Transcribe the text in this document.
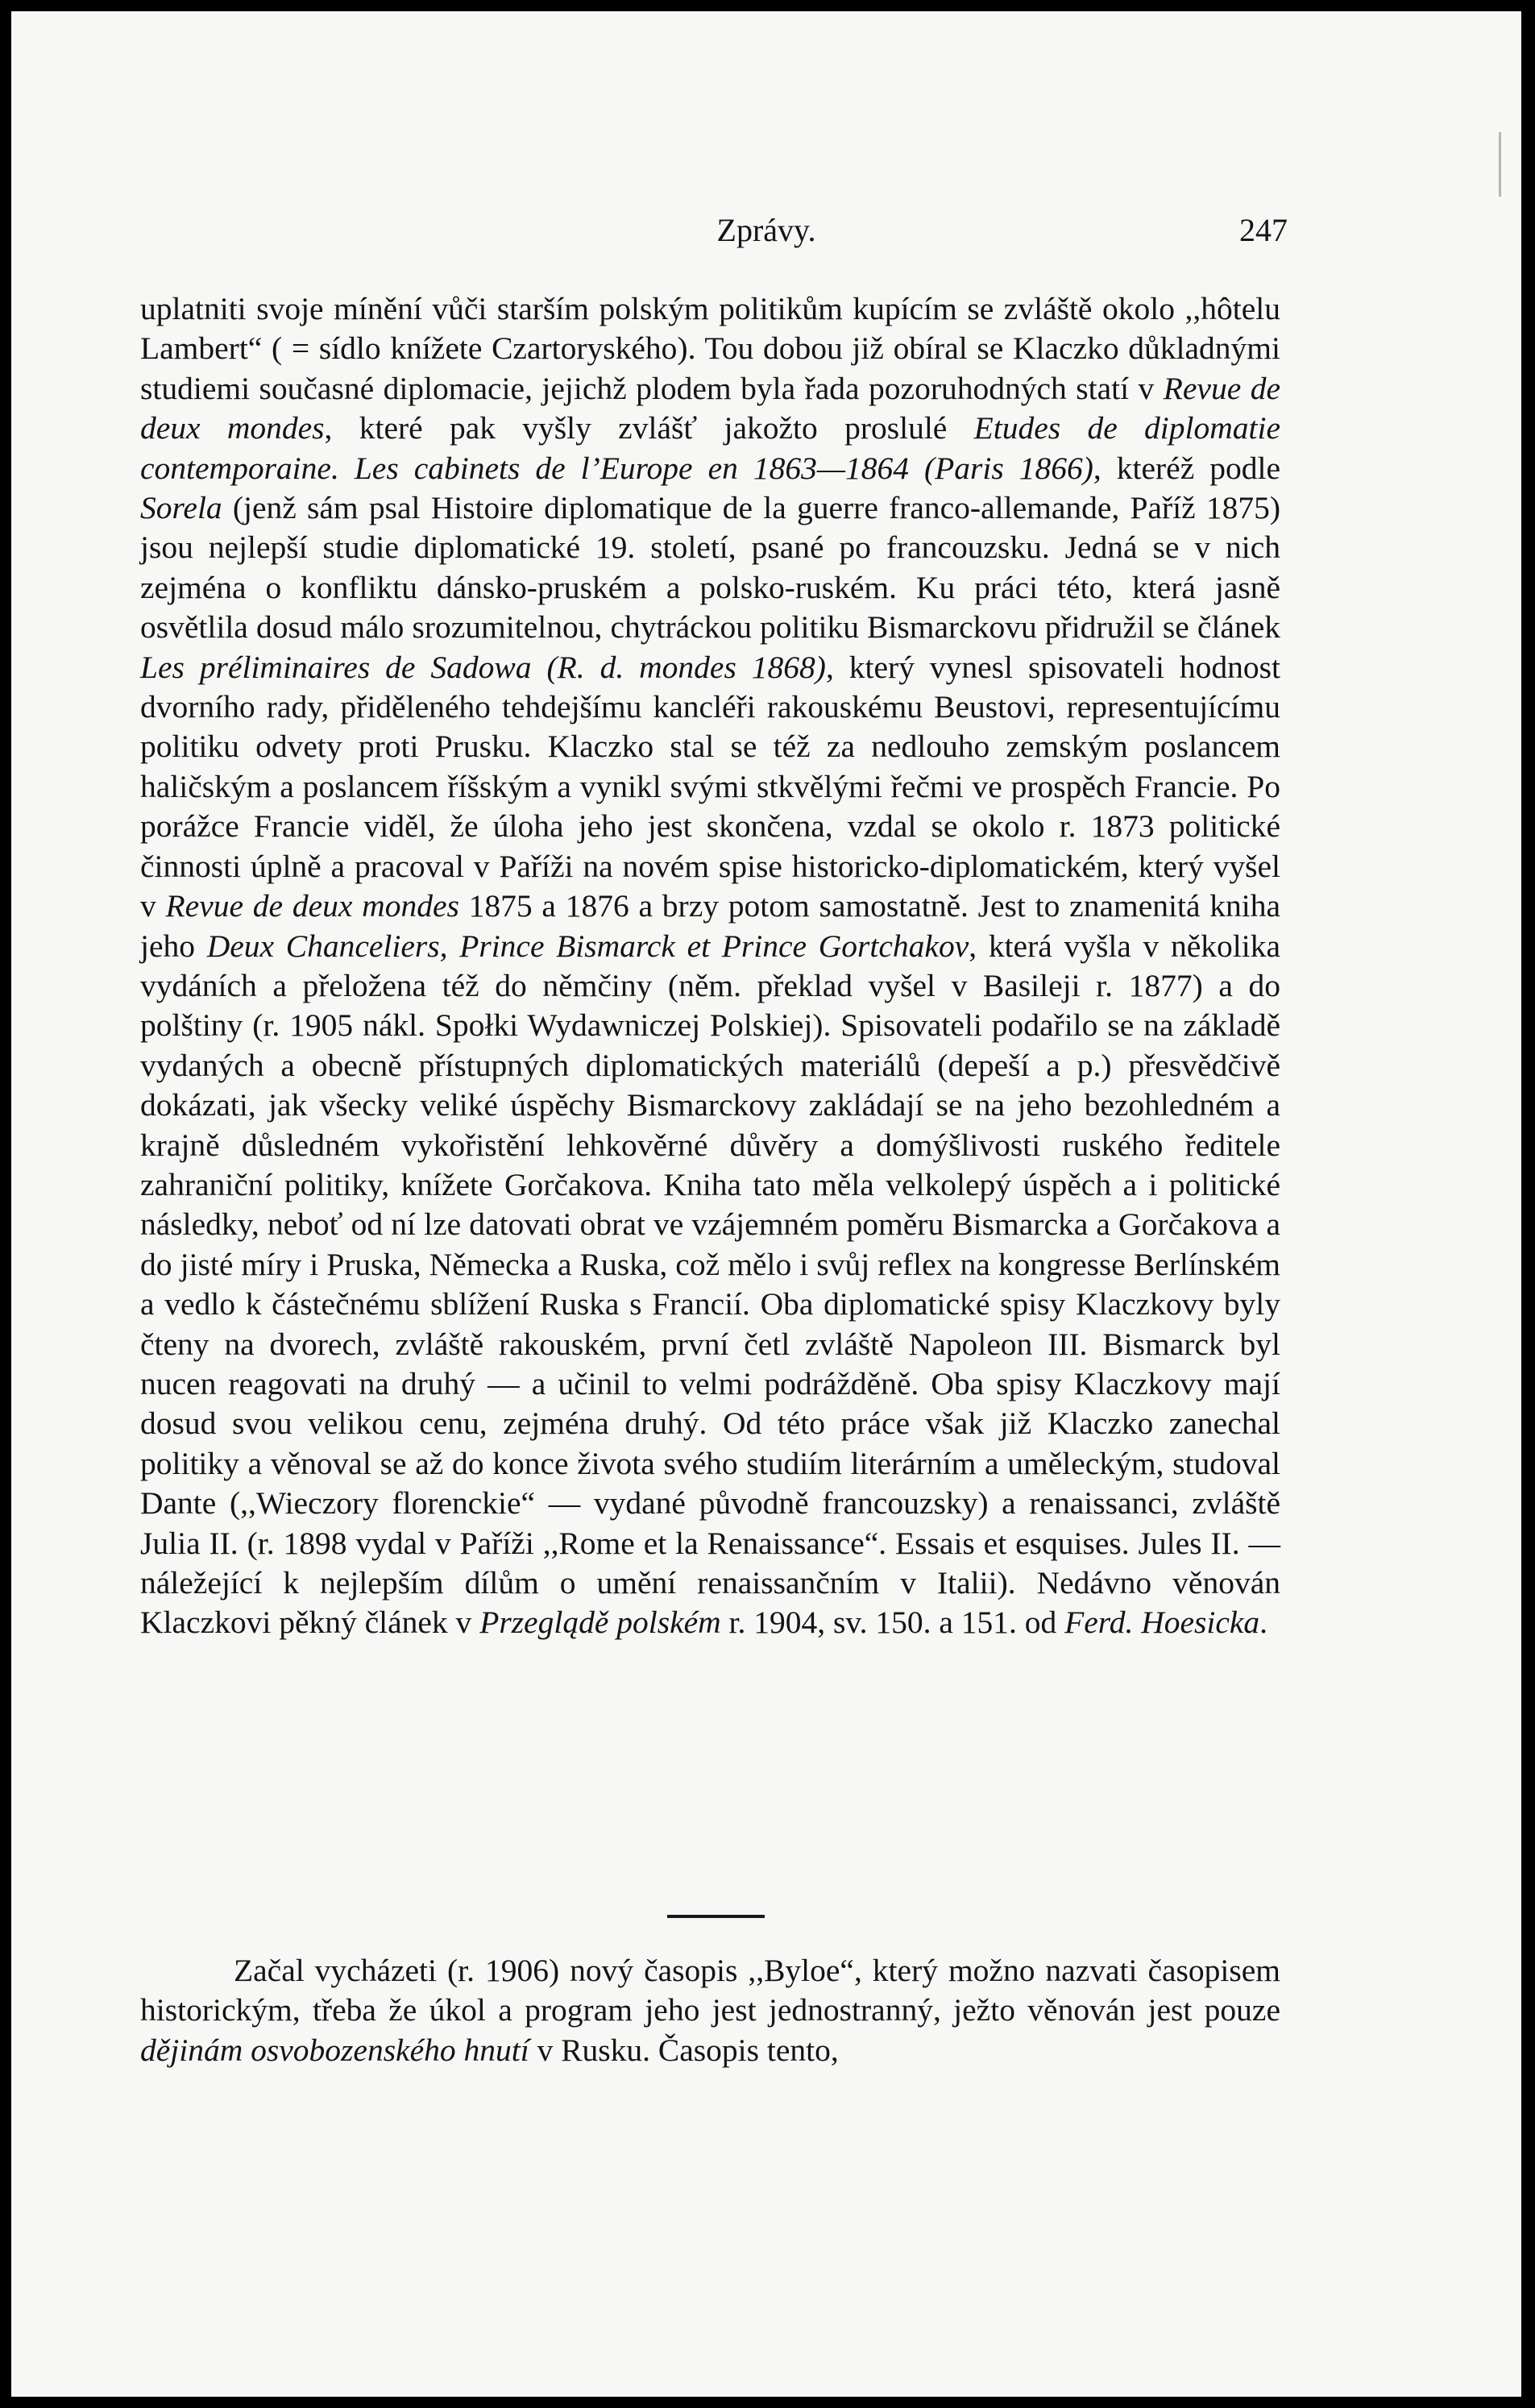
Zprávy.	247

uplatniti svoje mínění vůči starším polským politikům kupícím se zvláště okolo ,,hôtelu Lambert“ ( = sídlo knížete Czartoryského). Tou dobou již obíral se Klaczko důkladnými studiemi současné diplomacie, jejichž plodem byla řada pozoruhodných statí v Revue de deux mondes, které pak vyšly zvlášť jakožto proslulé Etudes de diplomatie contemporaine. Les cabinets de l’Europe en 1863—1864 (Paris 1866), kteréž podle Sorela (jenž sám psal Histoire diplomatique de la guerre franco-allemande, Paříž 1875) jsou nejlepší studie diplomatické 19. století, psané po francouzsku. Jedná se v nich zejména o konfliktu dánsko-pruském a polsko-ruském. Ku práci této, která jasně osvětlila dosud málo srozumitelnou, chytráckou politiku Bismarckovu přidružil se článek Les préliminaires de Sadowa (R. d. mondes 1868), který vynesl spisovateli hodnost dvorního rady, přiděleného tehdejšímu kancléři rakouskému Beustovi, representujícímu politiku odvety proti Prusku. Klaczko stal se též za nedlouho zemským poslancem haličským a poslancem říšským a vynikl svými stkvělými řečmi ve prospěch Francie. Po porážce Francie viděl, že úloha jeho jest skončena, vzdal se okolo r. 1873 politické činnosti úplně a pracoval v Paříži na novém spise historicko-diplomatickém, který vyšel v Revue de deux mondes 1875 a 1876 a brzy potom samostatně. Jest to znamenitá kniha jeho Deux Chanceliers, Prince Bismarck et Prince Gortchakov, která vyšla v několika vydáních a přeložena též do němčiny (něm. překlad vyšel v Basileji r. 1877) a do polštiny (r. 1905 nákl. Społki Wydawniczej Polskiej). Spisovateli podařilo se na základě vydaných a obecně přístupných diplomatických materiálů (depeší a p.) přesvědčivě dokázati, jak všecky veliké úspěchy Bismarckovy zakládají se na jeho bezohledném a krajně důsledném vykořistění lehkověrné důvěry a domýšlivosti ruského ředitele zahraniční politiky, knížete Gorčakova. Kniha tato měla velkolepý úspěch a i politické následky, neboť od ní lze datovati obrat ve vzájemném poměru Bismarcka a Gorčakova a do jisté míry i Pruska, Německa a Ruska, což mělo i svůj reflex na kongresse Berlínském a vedlo k částečnému sblížení Ruska s Francií. Oba diplomatické spisy Klaczkovy byly čteny na dvorech, zvláště rakouském, první četl zvláště Napoleon III. Bismarck byl nucen reagovati na druhý — a učinil to velmi podrážděně. Oba spisy Klaczkovy mají dosud svou velikou cenu, zejména druhý. Od této práce však již Klaczko zanechal politiky a věnoval se až do konce života svého studiím literárním a uměleckým, studoval Dante (,,Wieczory florenckie“ — vydané původně francouzsky) a renaissanci, zvláště Julia II. (r. 1898 vydal v Paříži ,,Rome et la Renaissance“. Essais et esquises. Jules II. — náležející k nejlepším dílům o umění renaissančním v Italii). Nedávno věnován Klaczkovi pěkný článek v Przeglądě polském r. 1904, sv. 150. a 151. od Ferd. Hoesicka.

Začal vycházeti (r. 1906) nový časopis ,,Byloe“, který možno nazvati časopisem historickým, třeba že úkol a program jeho jest jednostranný, ježto věnován jest pouze dějinám osvobozenského hnutí v Rusku. Časopis tento,
